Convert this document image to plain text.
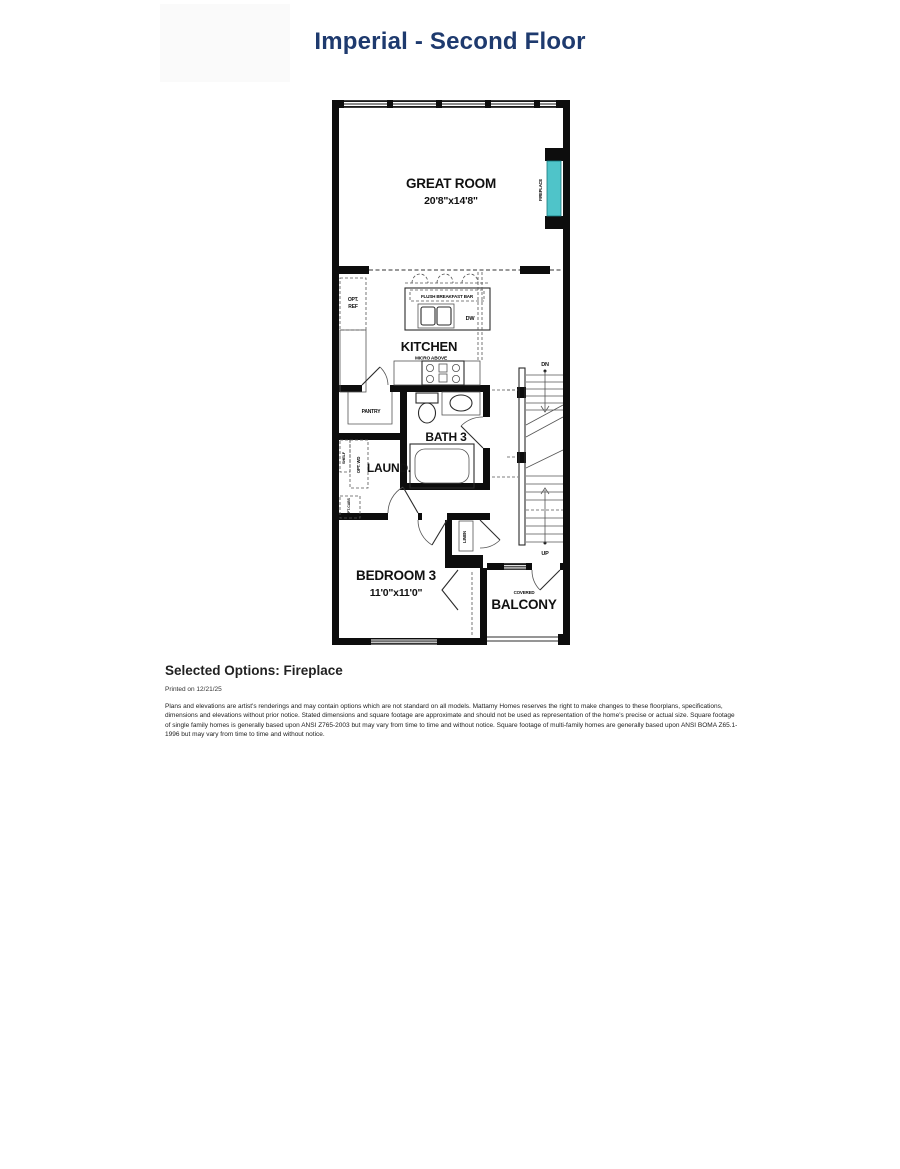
Imperial - Second Floor
FIREPLACE
GREAT ROOM
20'8"x14'8"
OPT.
REF
FLUSH BREAKFAST BAR
DW
KITCHEN
MICRO ABOVE
PANTRY
BATH 3
SHELF OPT. WD
OPT. CABS
LAUND.
DN
UP
LINEN
BEDROOM 3
11'0"x11'0"	COVERED
BALCONY
Selected Options: Fireplace
Printed on 12/21/25
Plans and elevations are artist's renderings and may contain options which are not standard on all models. Mattamy Homes reserves the right to make changes to these floorplans, specifications, dimensions and elevations without prior notice. Stated dimensions and square footage are approximate and should not be used as representation of the home's precise or actual size. Square footage of single family homes is generally based upon ANSI Z765-2003 but may vary from time to time and without notice. Square footage of multi-family homes are generally based upon ANSI BOMA Z65.1-1996 but may vary from time to time and without notice.
